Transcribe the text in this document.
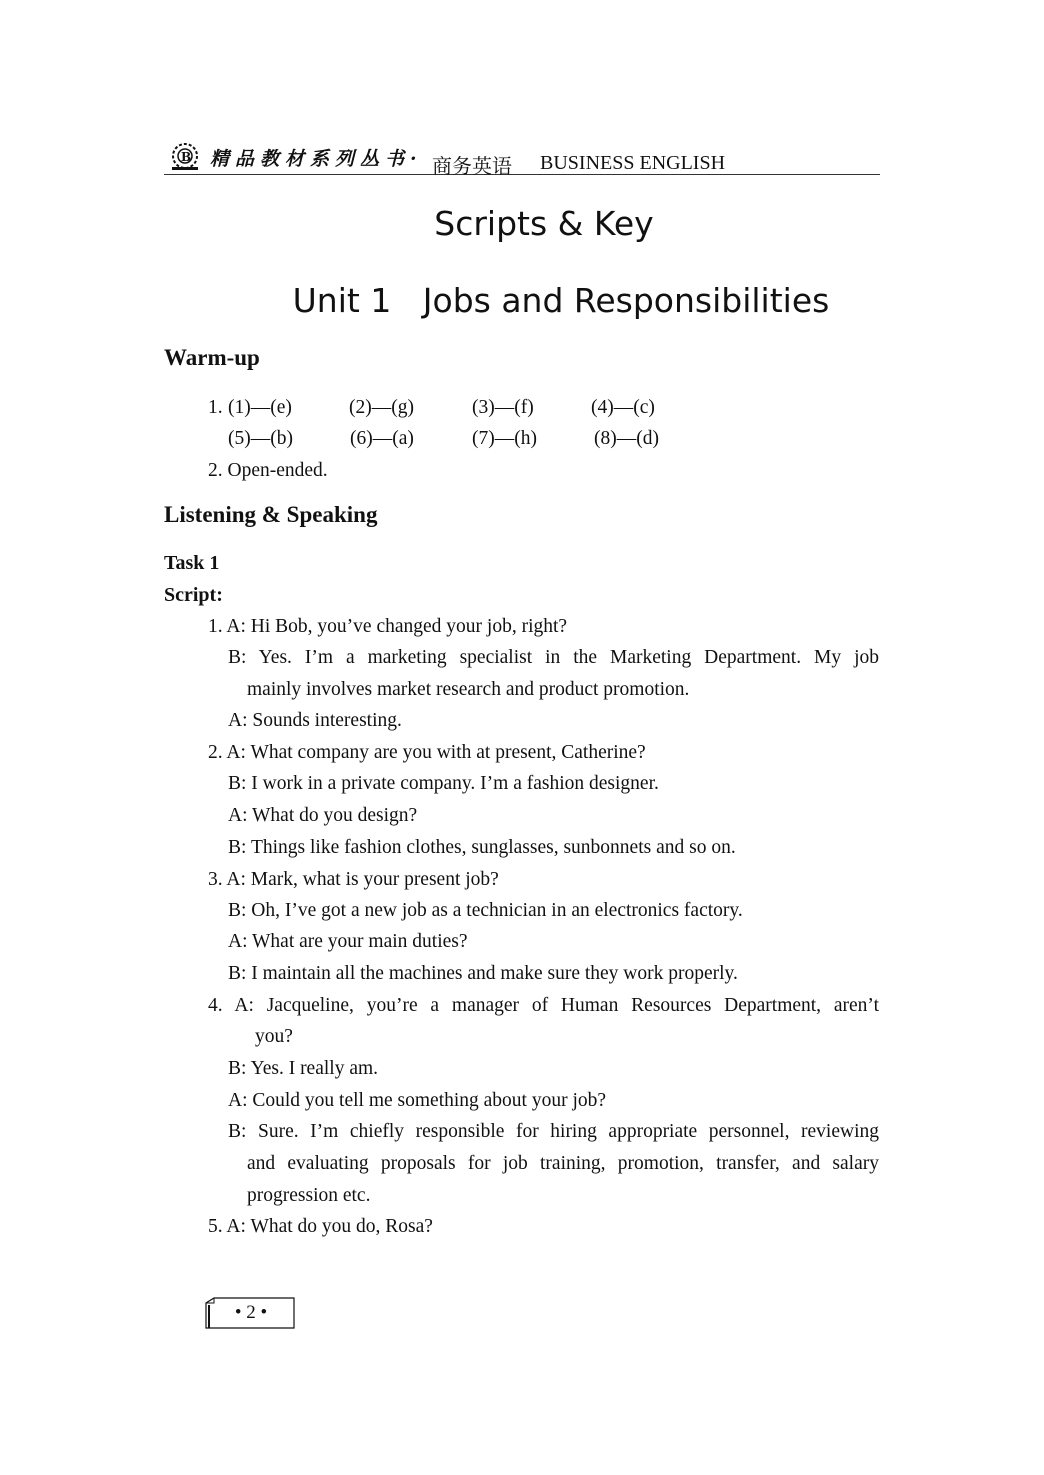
B 精品教材系列丛书· 商务英语 BUSINESS ENGLISH
Scripts & Key
Unit 1   Jobs and Responsibilities
Warm-up
1. (1)—(e)	(2)—(g)	(3)—(f)	(4)—(c)
(5)—(b)	(6)—(a)	(7)—(h)	(8)—(d)
2. Open-ended.
Listening & Speaking
Task 1
Script:
1. A: Hi Bob, you’ve changed your job, right?
B: Yes. I’m a marketing specialist in the Marketing Department. My job
mainly involves market research and product promotion.
A: Sounds interesting.
2. A: What company are you with at present, Catherine?
B: I work in a private company. I’m a fashion designer.
A: What do you design?
B: Things like fashion clothes, sunglasses, sunbonnets and so on.
3. A: Mark, what is your present job?
B: Oh, I’ve got a new job as a technician in an electronics factory.
A: What are your main duties?
B: I maintain all the machines and make sure they work properly.
4. A: Jacqueline, you’re a manager of Human Resources Department, aren’t
you?
B: Yes. I really am.
A: Could you tell me something about your job?
B: Sure. I’m chiefly responsible for hiring appropriate personnel, reviewing
and evaluating proposals for job training, promotion, transfer, and salary
progression etc.
5. A: What do you do, Rosa?
• 2 •
